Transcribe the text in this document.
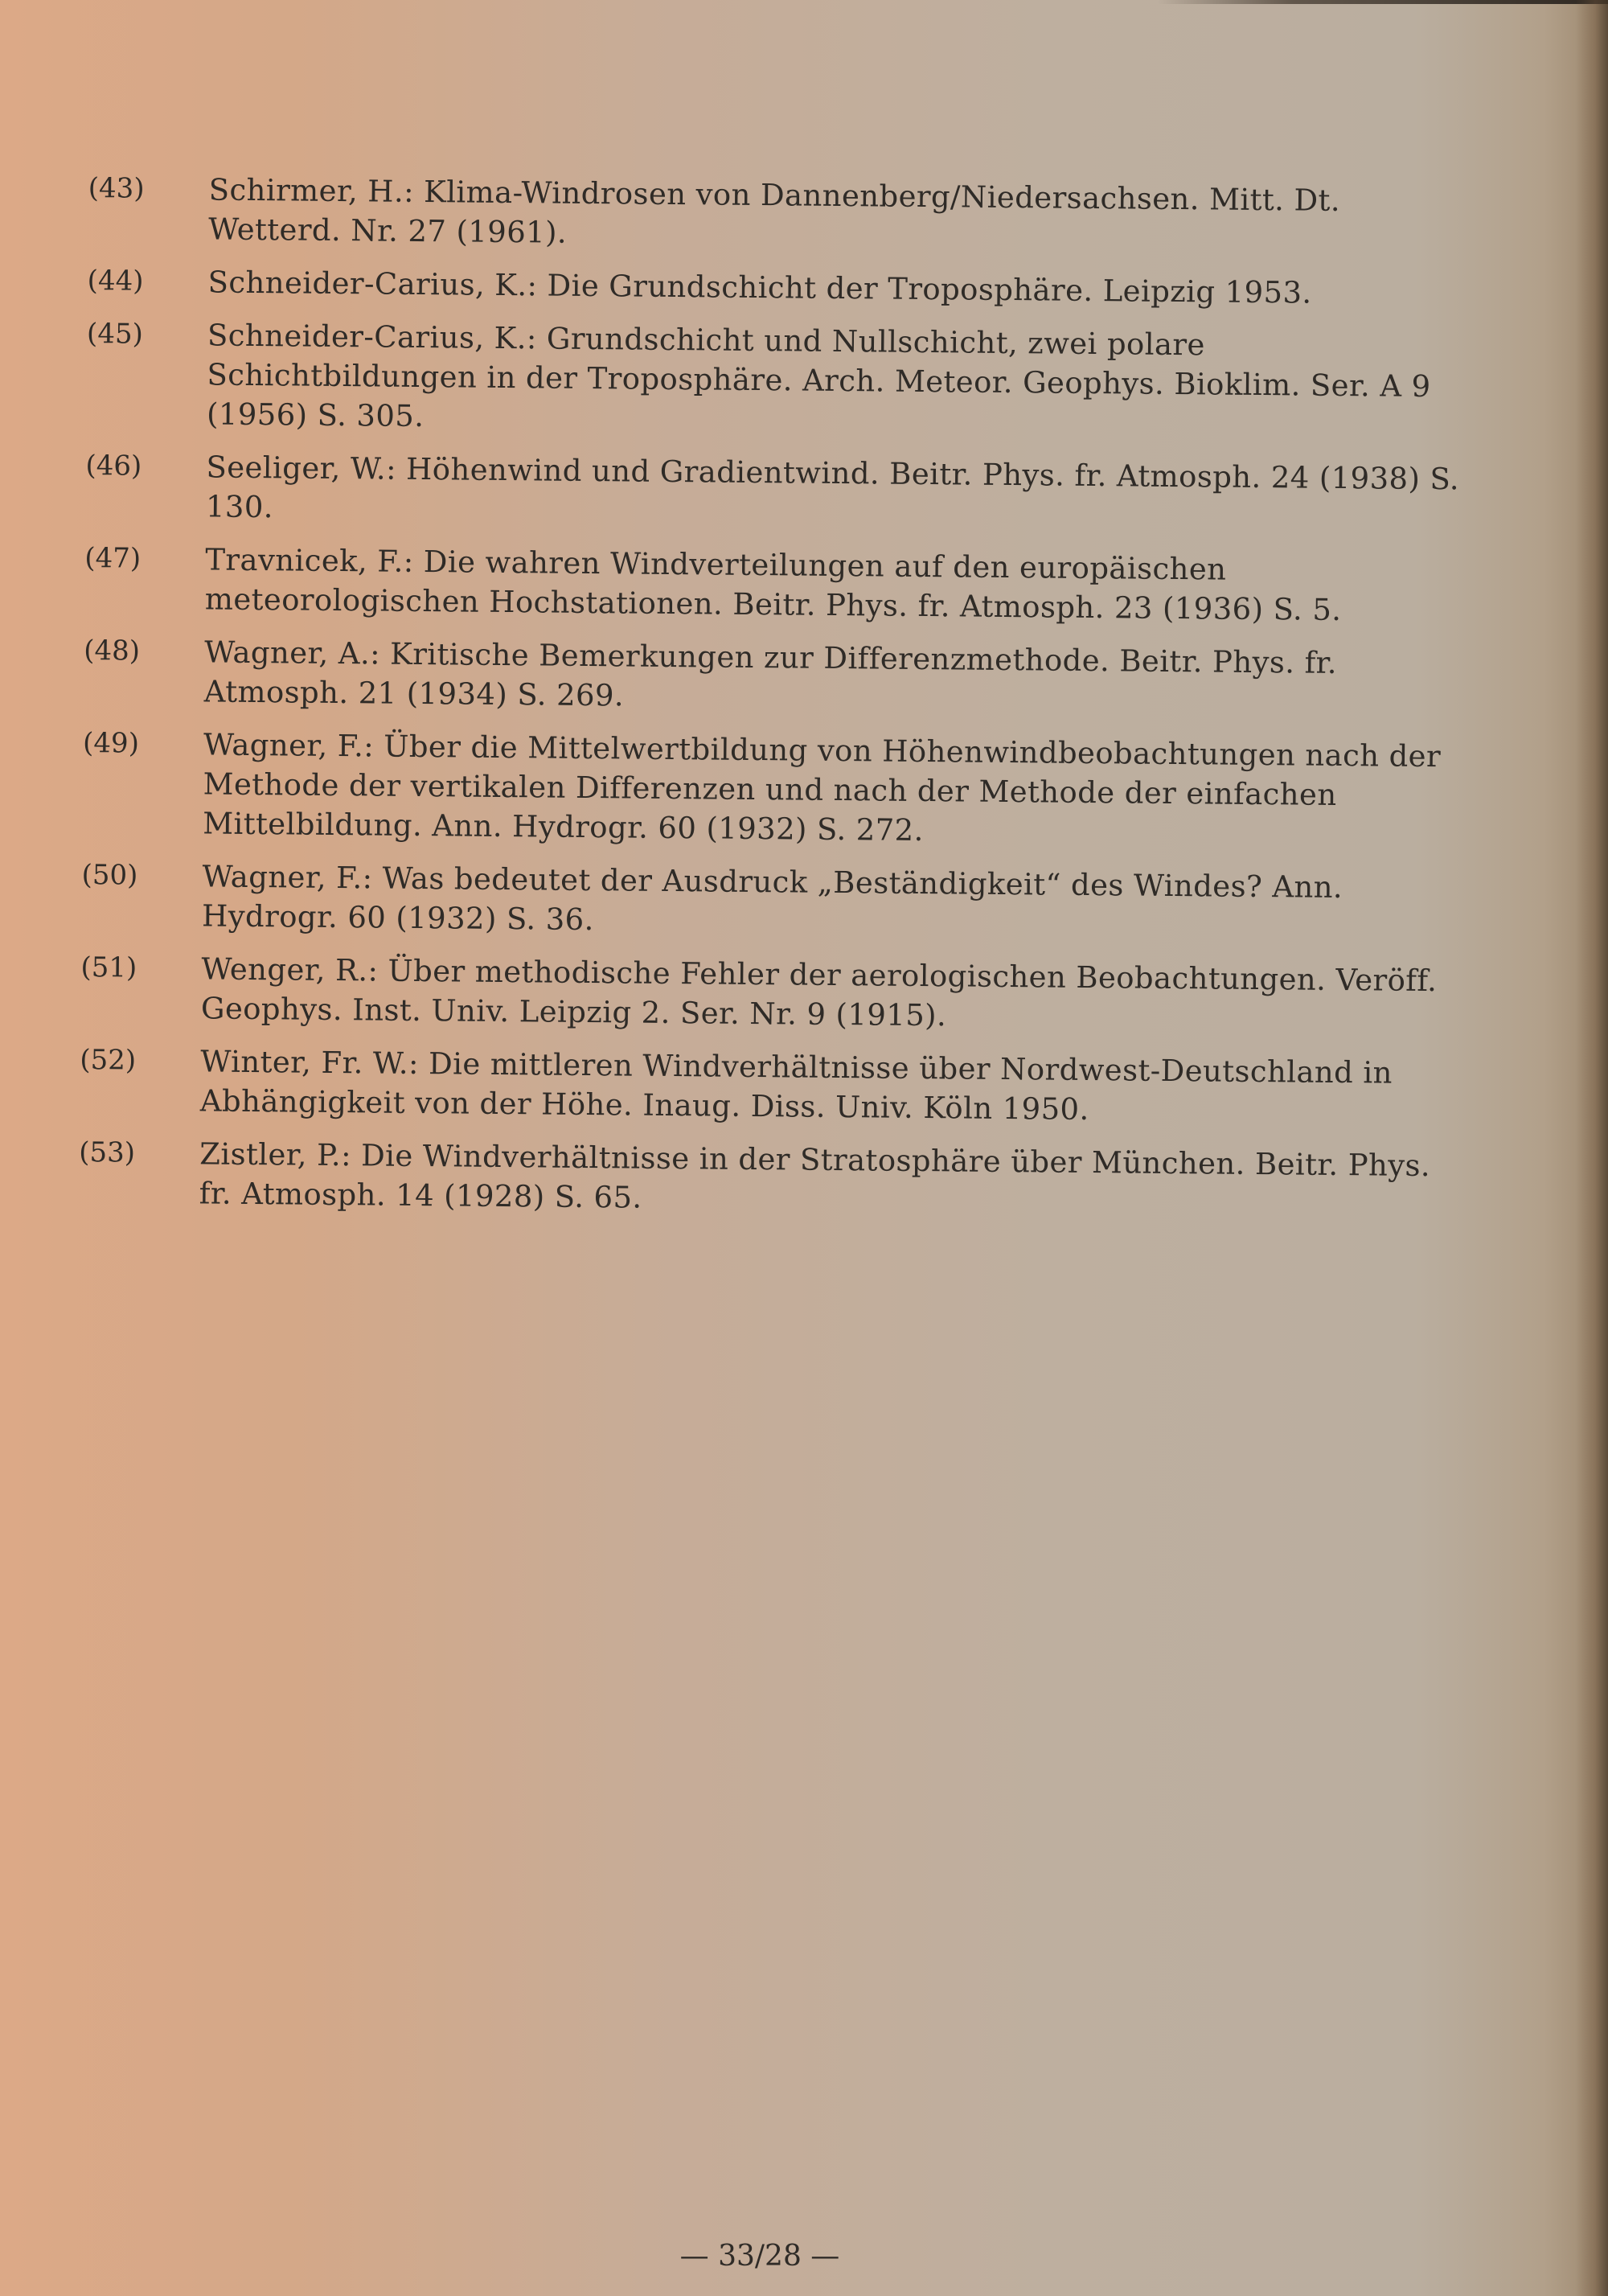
(43)	Schirmer, H.: Klima-Windrosen von Dannenberg/Niedersachsen. Mitt. Dt. Wetterd. Nr. 27 (1961).
(44)	Schneider-Carius, K.: Die Grundschicht der Troposphäre. Leipzig 1953.
(45)	Schneider-Carius, K.: Grundschicht und Nullschicht, zwei polare Schichtbildungen in der Troposphäre. Arch. Meteor. Geophys. Bioklim. Ser. A 9 (1956) S. 305.
(46)	Seeliger, W.: Höhenwind und Gradientwind. Beitr. Phys. fr. Atmosph. 24 (1938) S. 130.
(47)	Travnicek, F.: Die wahren Windverteilungen auf den europäischen meteorologischen Hochstationen. Beitr. Phys. fr. Atmosph. 23 (1936) S. 5.
(48)	Wagner, A.: Kritische Bemerkungen zur Differenzmethode. Beitr. Phys. fr. Atmosph. 21 (1934) S. 269.
(49)	Wagner, F.: Über die Mittelwertbildung von Höhenwindbeobachtungen nach der Methode der vertikalen Differenzen und nach der Methode der einfachen Mittelbildung. Ann. Hydrogr. 60 (1932) S. 272.
(50)	Wagner, F.: Was bedeutet der Ausdruck „Beständigkeit“ des Windes? Ann. Hydrogr. 60 (1932) S. 36.
(51)	Wenger, R.: Über methodische Fehler der aerologischen Beobachtungen. Veröff. Geophys. Inst. Univ. Leipzig 2. Ser. Nr. 9 (1915).
(52)	Winter, Fr. W.: Die mittleren Windverhältnisse über Nordwest-Deutschland in Abhängigkeit von der Höhe. Inaug. Diss. Univ. Köln 1950.
(53)	Zistler, P.: Die Windverhältnisse in der Stratosphäre über München. Beitr. Phys. fr. Atmosph. 14 (1928) S. 65.
— 33/28 —
